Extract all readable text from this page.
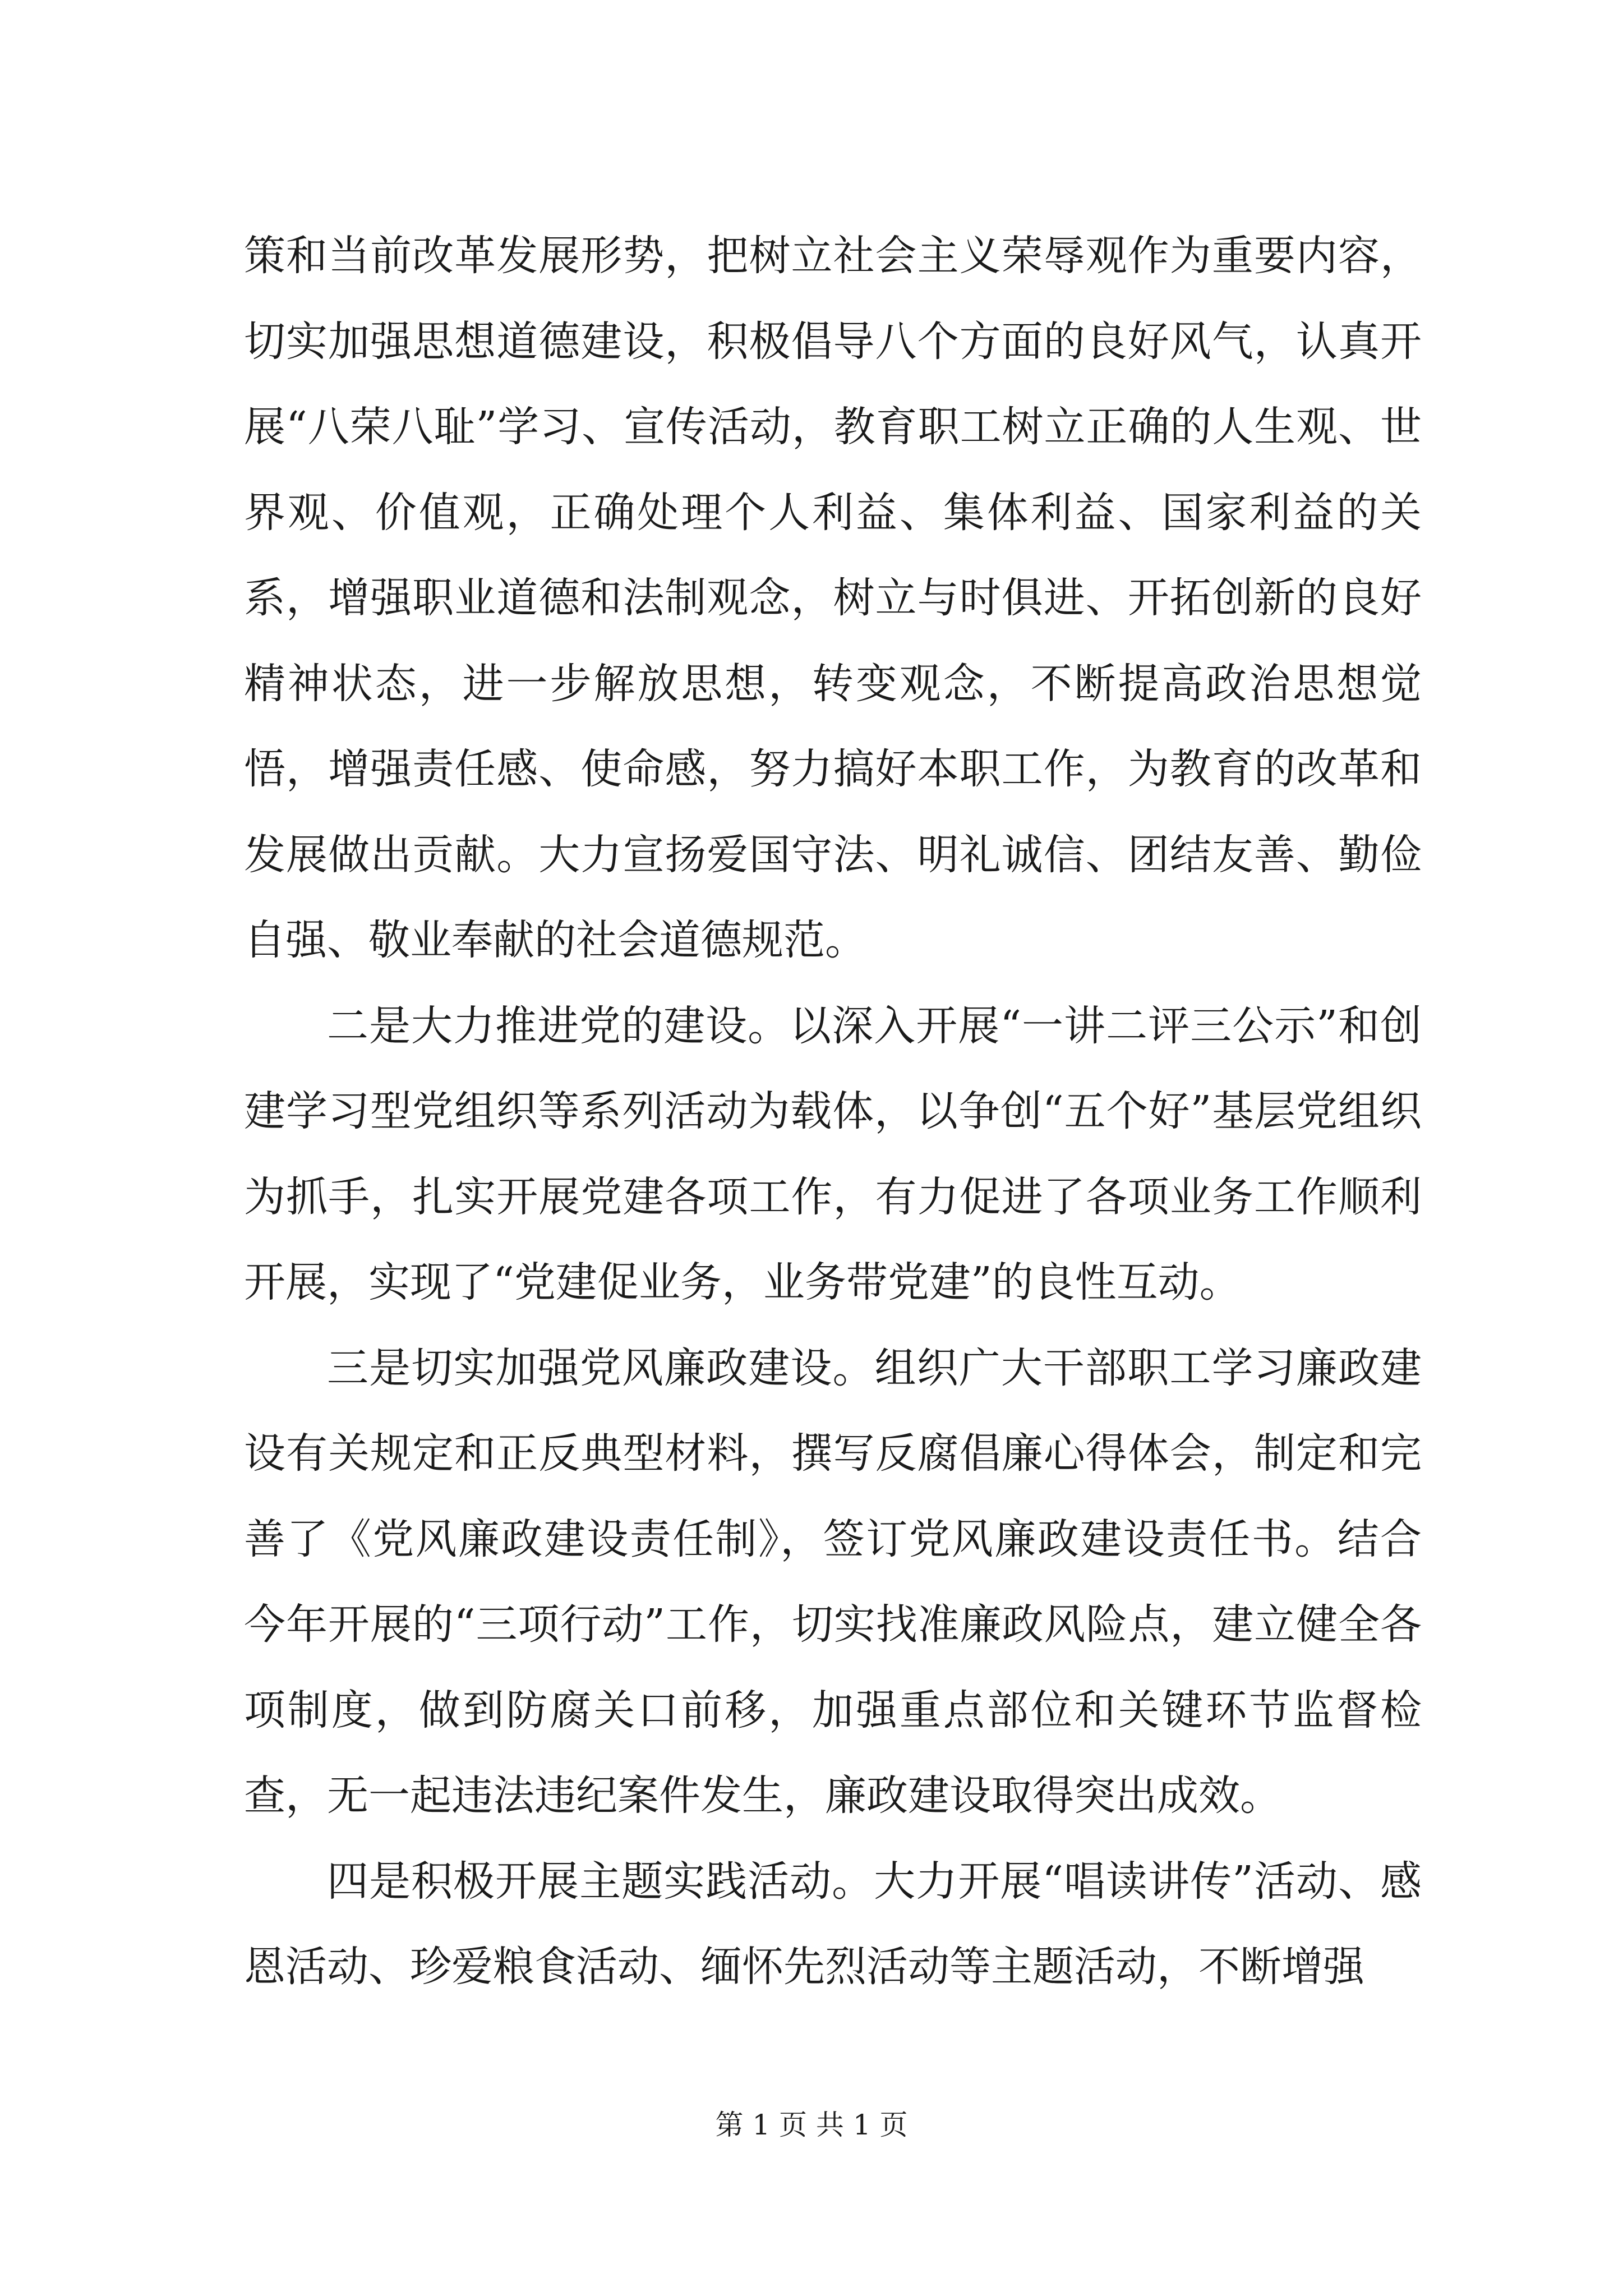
策和当前改革发展形势，把树立社会主义荣辱观作为重要内容，切实加强思想道德建设，积极倡导八个方面的良好风气，认真开展“八荣八耻”学习、宣传活动，教育职工树立正确的人生观、世界观、价值观，正确处理个人利益、集体利益、国家利益的关系，增强职业道德和法制观念，树立与时俱进、开拓创新的良好精神状态，进一步解放思想，转变观念，不断提高政治思想觉悟，增强责任感、使命感，努力搞好本职工作，为教育的改革和发展做出贡献。大力宣扬爱国守法、明礼诚信、团结友善、勤俭自强、敬业奉献的社会道德规范。

二是大力推进党的建设。以深入开展“一讲二评三公示”和创建学习型党组织等系列活动为载体，以争创“五个好”基层党组织为抓手，扎实开展党建各项工作，有力促进了各项业务工作顺利开展，实现了“党建促业务，业务带党建”的良性互动。

三是切实加强党风廉政建设。组织广大干部职工学习廉政建设有关规定和正反典型材料，撰写反腐倡廉心得体会，制定和完善了《党风廉政建设责任制》，签订党风廉政建设责任书。结合今年开展的“三项行动”工作，切实找准廉政风险点，建立健全各项制度，做到防腐关口前移，加强重点部位和关键环节监督检查，无一起违法违纪案件发生，廉政建设取得突出成效。

四是积极开展主题实践活动。大力开展“唱读讲传”活动、感恩活动、珍爱粮食活动、缅怀先烈活动等主题活动，不断增强

第 1 页 共 1 页
